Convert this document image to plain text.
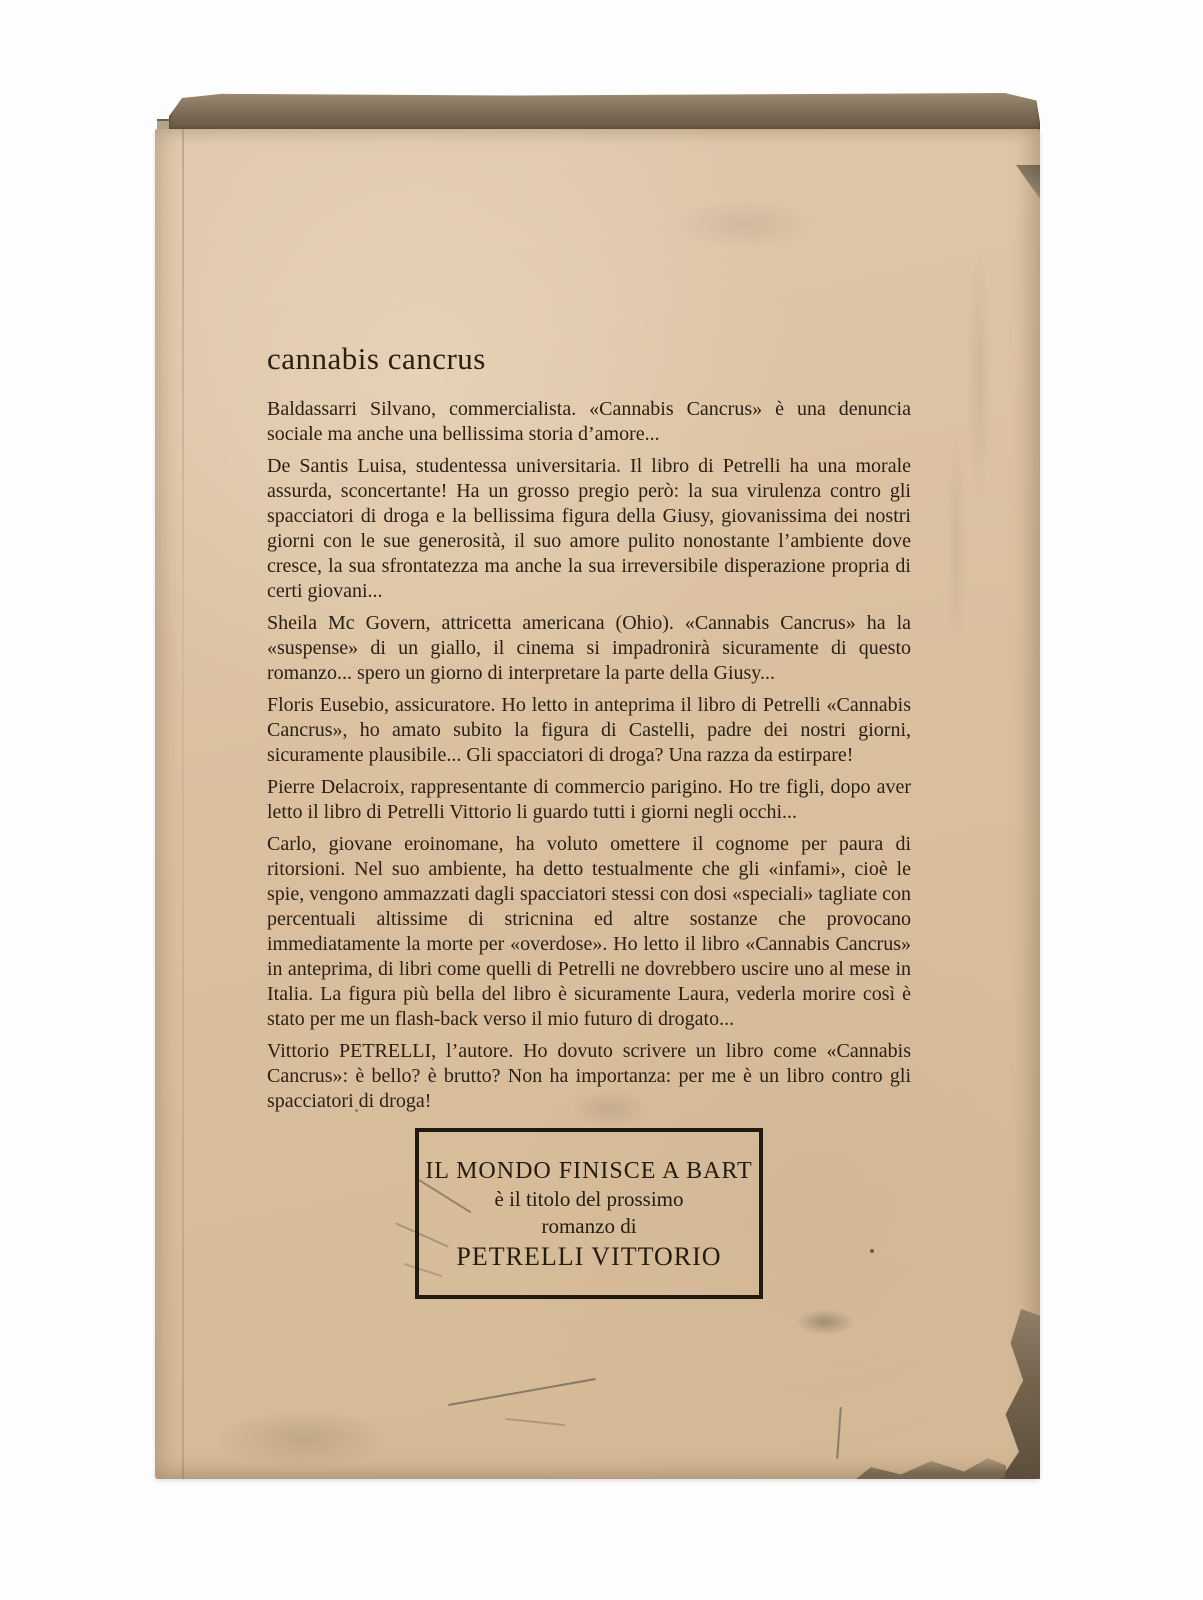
cannabis cancrus

Baldassarri Silvano, commercialista. «Cannabis Cancrus» è una denuncia sociale ma anche una bellissima storia d’amore...

De Santis Luisa, studentessa universitaria. Il libro di Petrelli ha una morale assurda, sconcertante! Ha un grosso pregio però: la sua virulenza contro gli spacciatori di droga e la bellissima figura della Giusy, giovanissima dei nostri giorni con le sue generosità, il suo amore pulito nonostante l’ambiente dove cresce, la sua sfrontatezza ma anche la sua irreversibile disperazione propria di certi giovani...

Sheila Mc Govern, attricetta americana (Ohio). «Cannabis Cancrus» ha la «suspense» di un giallo, il cinema si impadronirà sicuramente di questo romanzo... spero un giorno di interpretare la parte della Giusy...

Floris Eusebio, assicuratore. Ho letto in anteprima il libro di Petrelli «Cannabis Cancrus», ho amato subito la figura di Castelli, padre dei nostri giorni, sicuramente plausibile... Gli spacciatori di droga? Una razza da estirpare!

Pierre Delacroix, rappresentante di commercio parigino. Ho tre figli, dopo aver letto il libro di Petrelli Vittorio li guardo tutti i giorni negli occhi...

Carlo, giovane eroinomane, ha voluto omettere il cognome per paura di ritorsioni. Nel suo ambiente, ha detto testualmente che gli «infami», cioè le spie, vengono ammazzati dagli spacciatori stessi con dosi «speciali» tagliate con percentuali altissime di stricnina ed altre sostanze che provocano immediatamente la morte per «overdose». Ho letto il libro «Cannabis Cancrus» in anteprima, di libri come quelli di Petrelli ne dovrebbero uscire uno al mese in Italia. La figura più bella del libro è sicuramente Laura, vederla morire così è stato per me un flash-back verso il mio futuro di drogato...

Vittorio PETRELLI, l’autore. Ho dovuto scrivere un libro come «Cannabis Cancrus»: è bello? è brutto? Non ha importanza: per me è un libro contro gli spacciatori di droga!

IL MONDO FINISCE A BART
è il titolo del prossimo
romanzo di
PETRELLI VITTORIO
